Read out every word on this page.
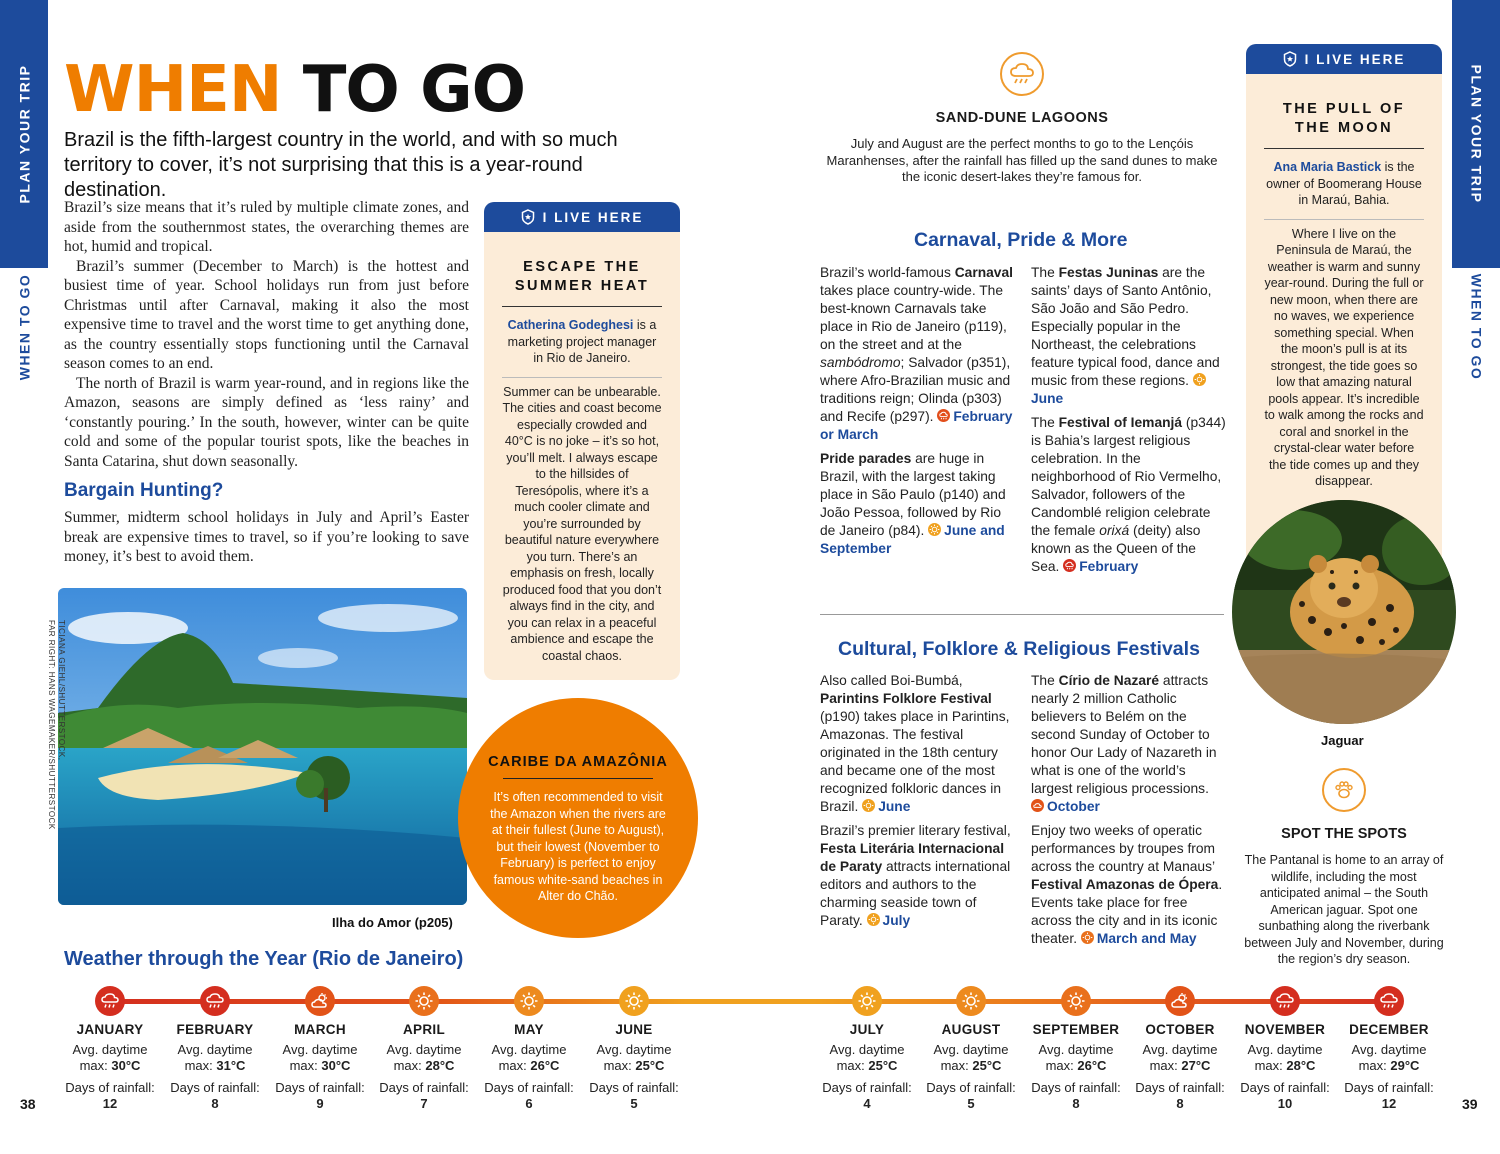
PLAN YOUR TRIP
WHEN TO GO
PLAN YOUR TRIP
WHEN TO GO
38	39
WHEN TO GO
Brazil is the fifth-largest country in the world, and with so much territory to cover, it’s not surprising that this is a year-round destination.

Brazil’s size means that it’s ruled by multiple climate zones, and aside from the southernmost states, the overarching themes are hot, humid and tropical.

Brazil’s summer (December to March) is the hottest and busiest time of year. School holidays run from just before Christmas until after Carnaval, making it also the most expensive time to travel and the worst time to get anything done, as the country essentially stops functioning until the Carnaval season comes to an end.

The north of Brazil is warm year-round, and in regions like the Amazon, seasons are simply defined as ‘less rainy’ and ‘constantly pouring.’ In the south, however, winter can be quite cold and some of the popular tourist spots, like the beaches in Santa Catarina, shut down seasonally.

Bargain Hunting?
Summer, midterm school holidays in July and April’s Easter break are expensive times to travel, so if you’re looking to save money, it’s best to avoid them.
I LIVE HERE
ESCAPE THE
SUMMER HEAT
Catherina Godeghesi is a marketing project manager in Rio de Janeiro.
Summer can be unbearable. The cities and coast become especially crowded and 40°C is no joke – it’s so hot, you’ll melt. I always escape to the hillsides of Teresópolis, where it’s a much cooler climate and you’re surrounded by beautiful nature everywhere you turn. There’s an emphasis on fresh, locally produced food that you don’t always find in the city, and you can relax in a peaceful ambience and escape the coastal chaos.
TICIANA GIEHL/SHUTTERSTOCK,
FAR RIGHT: HANS WAGEMAKER/SHUTTERSTOCK
Ilha do Amor (p205)
CARIBE DA AMAZÔNIA
It’s often recommended to visit the Amazon when the rivers are at their fullest (June to August), but their lowest (November to February) is perfect to enjoy famous white-sand beaches in Alter do Chão.
Weather through the Year (Rio de Janeiro)
SAND-DUNE LAGOONS
July and August are the perfect months to go to the Lençóis Maranhenses, after the rainfall has filled up the sand dunes to make the iconic desert-lakes they’re famous for.
Carnaval, Pride & More

Brazil’s world-famous Carnaval takes place country-wide. The best-known Carnavals take place in Rio de Janeiro (p119), on the street and at the sambódromo; Salvador (p351), where Afro-Brazilian music and traditions reign; Olinda (p303) and Recife (p297). February or March

Pride parades are huge in Brazil, with the largest taking place in São Paulo (p140) and João Pessoa, followed by Rio de Janeiro (p84). June and September

The Festas Juninas are the saints’ days of Santo Antônio, São João and São Pedro. Especially popular in the Northeast, the celebrations feature typical food, dance and music from these regions. June

The Festival of Iemanjá (p344) is Bahia’s largest religious celebration. In the neighborhood of Rio Vermelho, Salvador, followers of the Candomblé religion celebrate the female orixá (deity) also known as the Queen of the Sea. February

Cultural, Folklore & Religious Festivals

Also called Boi-Bumbá, Parintins Folklore Festival (p190) takes place in Parintins, Amazonas. The festival originated in the 18th century and became one of the most recognized folkloric dances in Brazil. June

Brazil’s premier literary festival, Festa Literária Internacional de Paraty attracts international editors and authors to the charming seaside town of Paraty. July

The Círio de Nazaré attracts nearly 2 million Catholic believers to Belém on the second Sunday of October to honor Our Lady of Nazareth in what is one of the world’s largest religious processions. October

Enjoy two weeks of operatic performances by troupes from across the country at Manaus’ Festival Amazonas de Ópera. Events take place for free across the city and in its iconic theater. March and May

I LIVE HERE
THE PULL OF
THE MOON
Ana Maria Bastick is the owner of Boomerang House in Maraú, Bahia.
Where I live on the Peninsula de Maraú, the weather is warm and sunny year-round. During the full or new moon, when there are no waves, we experience something special. When the moon’s pull is at its strongest, the tide goes so low that amazing natural pools appear. It’s incredible to walk among the rocks and coral and snorkel in the crystal-clear water before the tide comes up and they disappear.
Jaguar
SPOT THE SPOTS
The Pantanal is home to an array of wildlife, including the most anticipated animal – the South American jaguar. Spot one sunbathing along the riverbank between July and November, during the region’s dry season.
JANUARY
Avg. daytime
max: 30°C
Days of rainfall:
12
FEBRUARY
Avg. daytime
max: 31°C
Days of rainfall:
8
MARCH
Avg. daytime
max: 30°C
Days of rainfall:
9
APRIL
Avg. daytime
max: 28°C
Days of rainfall:
7
MAY
Avg. daytime
max: 26°C
Days of rainfall:
6
JUNE
Avg. daytime
max: 25°C
Days of rainfall:
5
JULY
Avg. daytime
max: 25°C
Days of rainfall:
4
AUGUST
Avg. daytime
max: 25°C
Days of rainfall:
5
SEPTEMBER
Avg. daytime
max: 26°C
Days of rainfall:
8
OCTOBER
Avg. daytime
max: 27°C
Days of rainfall:
8
NOVEMBER
Avg. daytime
max: 28°C
Days of rainfall:
10
DECEMBER
Avg. daytime
max: 29°C
Days of rainfall:
12
